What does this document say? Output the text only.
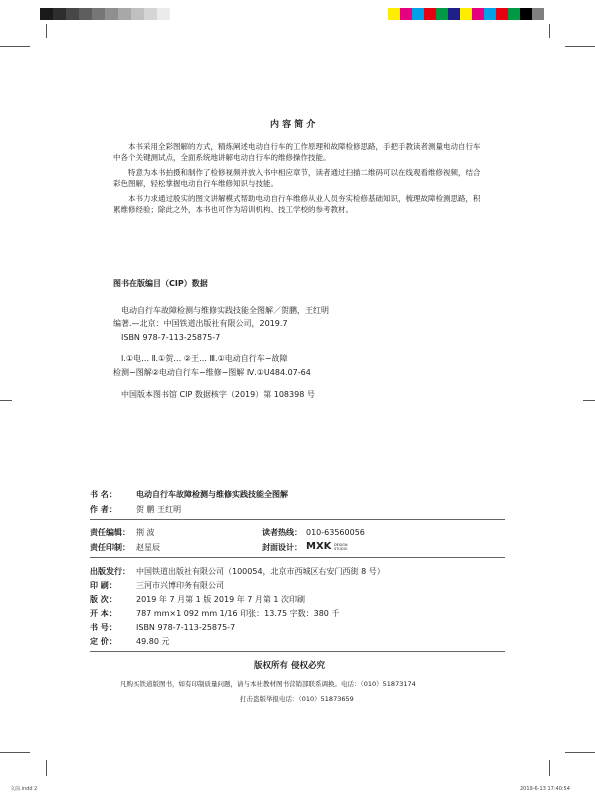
内 容 简 介
本书采用全彩图解的方式，精炼阐述电动自行车的工作原理和故障检修思路，手把手教读者测量电动自行车中各个关键测试点，全面系统地讲解电动自行车的维修操作技能。
特意为本书拍摄和制作了检修视频并放入书中相应章节，读者通过扫描二维码可以在线观看维修视频，结合彩色图解，轻松掌握电动自行车维修知识与技能。
本书力求通过殷实的图文讲解模式帮助电动自行车维修从业人员夯实检修基础知识，梳理故障检测思路，积累维修经验；除此之外，本书也可作为培训机构、技工学校的参考教材。
图书在版编目（CIP）数据
电动自行车故障检测与维修实践技能全图解／贺鹏，王红明
编著.—北京：中国铁道出版社有限公司，2019.7
ISBN 978-7-113-25875-7
Ⅰ.①电… Ⅱ.①贺… ②王… Ⅲ.①电动自行车−故障
检测−图解②电动自行车−维修−图解 Ⅳ.①U484.07-64
中国版本图书馆 CIP 数据核字（2019）第 108398 号
书 名： 电动自行车故障检测与维修实践技能全图解
作 者： 贺 鹏 王红明
责任编辑： 荆 波	读者热线： 010-63560056
责任印制： 赵星辰	封面设计： MXK DESIGN STUDIO
出版发行： 中国铁道出版社有限公司（100054，北京市西城区右安门西街 8 号）
印 刷： 三河市兴博印务有限公司
版 次： 2019 年 7 月第 1 版 2019 年 7 月第 1 次印刷
开 本： 787 mm×1 092 mm 1/16 印张：13.75 字数：380 千
书 号： ISBN 978-7-113-25875-7
定 价： 49.80 元
版权所有 侵权必究
凡购买铁道版图书，如有印制质量问题，请与本社教材图书营销部联系调换。电话：（010）51873174
打击盗版举报电话：（010）51873659
文前.indd 2	2019-6-13 17:40:54
